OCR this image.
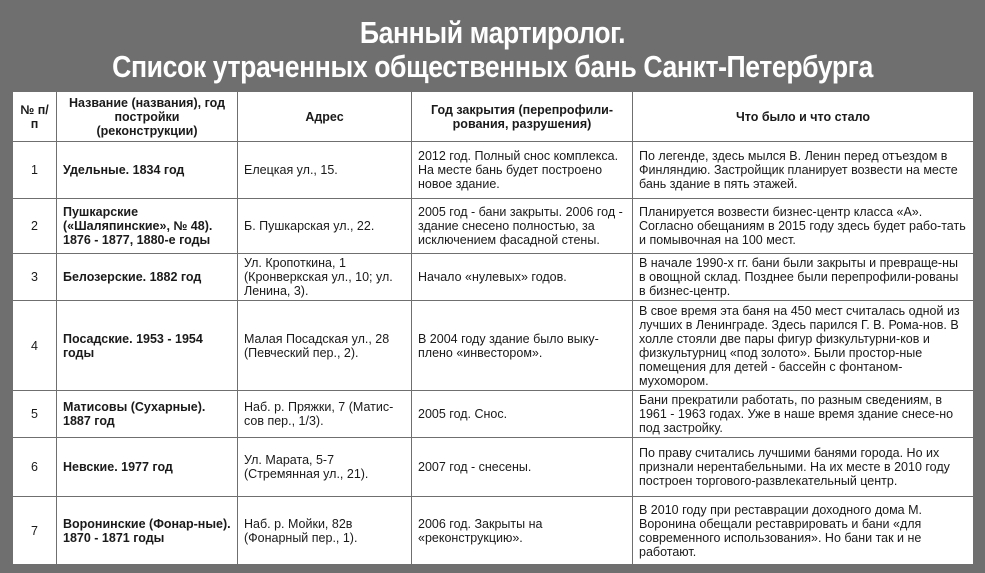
Банный мартиролог.
Список утраченных общественных бань Санкт-Петербурга
№ п/п	Название (названия), год постройки (реконструкции)	Адрес	Год закрытия (перепрофили-рования, разрушения)	Что было и что стало
1	Удельные. 1834 год	Елецкая ул., 15.	2012 год. Полный снос комплекса. На месте бань будет построено новое здание.	По легенде, здесь мылся В. Ленин перед отъездом в Финляндию. Застройщик планирует возвести на месте бань здание в пять этажей.
2	Пушкарские («Шаляпинские», № 48). 1876 - 1877, 1880-е годы	Б. Пушкарская ул., 22.	2005 год - бани закрыты. 2006 год - здание снесено полностью, за исключением фасадной стены.	Планируется возвести бизнес-центр класса «А». Согласно обещаниям в 2015 году здесь будет рабо-тать и помывочная на 100 мест.
3	Белозерские. 1882 год	Ул. Кропоткина, 1 (Кронверкская ул., 10; ул. Ленина, 3).	Начало «нулевых» годов.	В начале 1990-х гг. бани были закрыты и превраще-ны в овощной склад. Позднее были перепрофили-рованы в бизнес-центр.
4	Посадские. 1953 - 1954 годы	Малая Посадская ул., 28 (Певческий пер., 2).	В 2004 году здание было выку-плено «инвестором».	В свое время эта баня на 450 мест считалась одной из лучших в Ленинграде. Здесь парился Г. В. Рома-нов. В холле стояли две пары фигур физкультурни-ков и физкультурниц «под золото». Были простор-ные помещения для детей - бассейн с фонтаном-мухомором.
5	Матисовы (Сухарные). 1887 год	Наб. р. Пряжки, 7 (Матис-сов пер., 1/3).	2005 год. Снос.	Бани прекратили работать, по разным сведениям, в 1961 - 1963 годах. Уже в наше время здание снесе-но под застройку.
6	Невские. 1977 год	Ул. Марата, 5-7 (Стремянная ул., 21).	2007 год - снесены.	По праву считались лучшими банями города. Но их признали нерентабельными. На их месте в 2010 году построен торгового-развлекательный центр.
7	Воронинские (Фонар-ные). 1870 - 1871 годы	Наб. р. Мойки, 82в (Фонарный пер., 1).	2006 год. Закрыты на «реконструкцию».	В 2010 году при реставрации доходного дома М. Воронина обещали реставрировать и бани «для современного использования». Но бани так и не работают.
